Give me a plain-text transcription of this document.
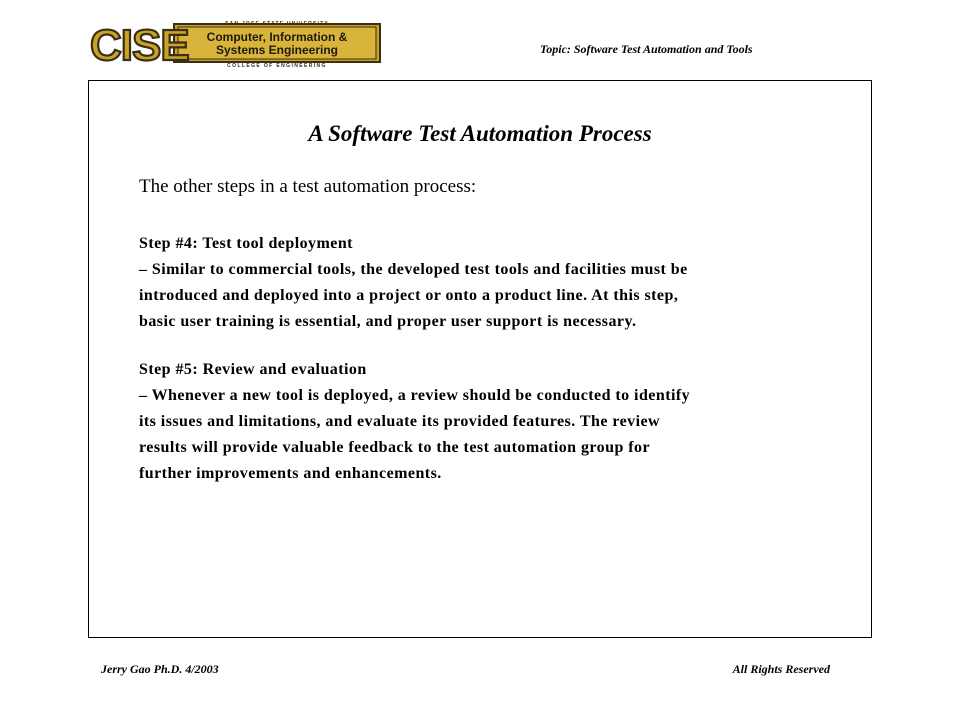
CISE	SAN JOSE STATE UNIVERSITY
Computer, Information &
Systems Engineering
COLLEGE OF ENGINEERING
Topic: Software Test Automation and Tools
A Software Test Automation Process
The other steps in a test automation process:
Step #4: Test tool deployment
– Similar to commercial tools, the developed test tools and facilities must be
introduced and deployed into a project or onto a product line. At this step,
basic user training is essential, and proper user support is necessary.
Step #5: Review and evaluation
– Whenever a new tool is deployed, a review should be conducted to identify
its issues and limitations, and evaluate its provided features. The review
results will provide valuable feedback to the test automation group for
further improvements and enhancements.
Jerry Gao Ph.D. 4/2003	All Rights Reserved
